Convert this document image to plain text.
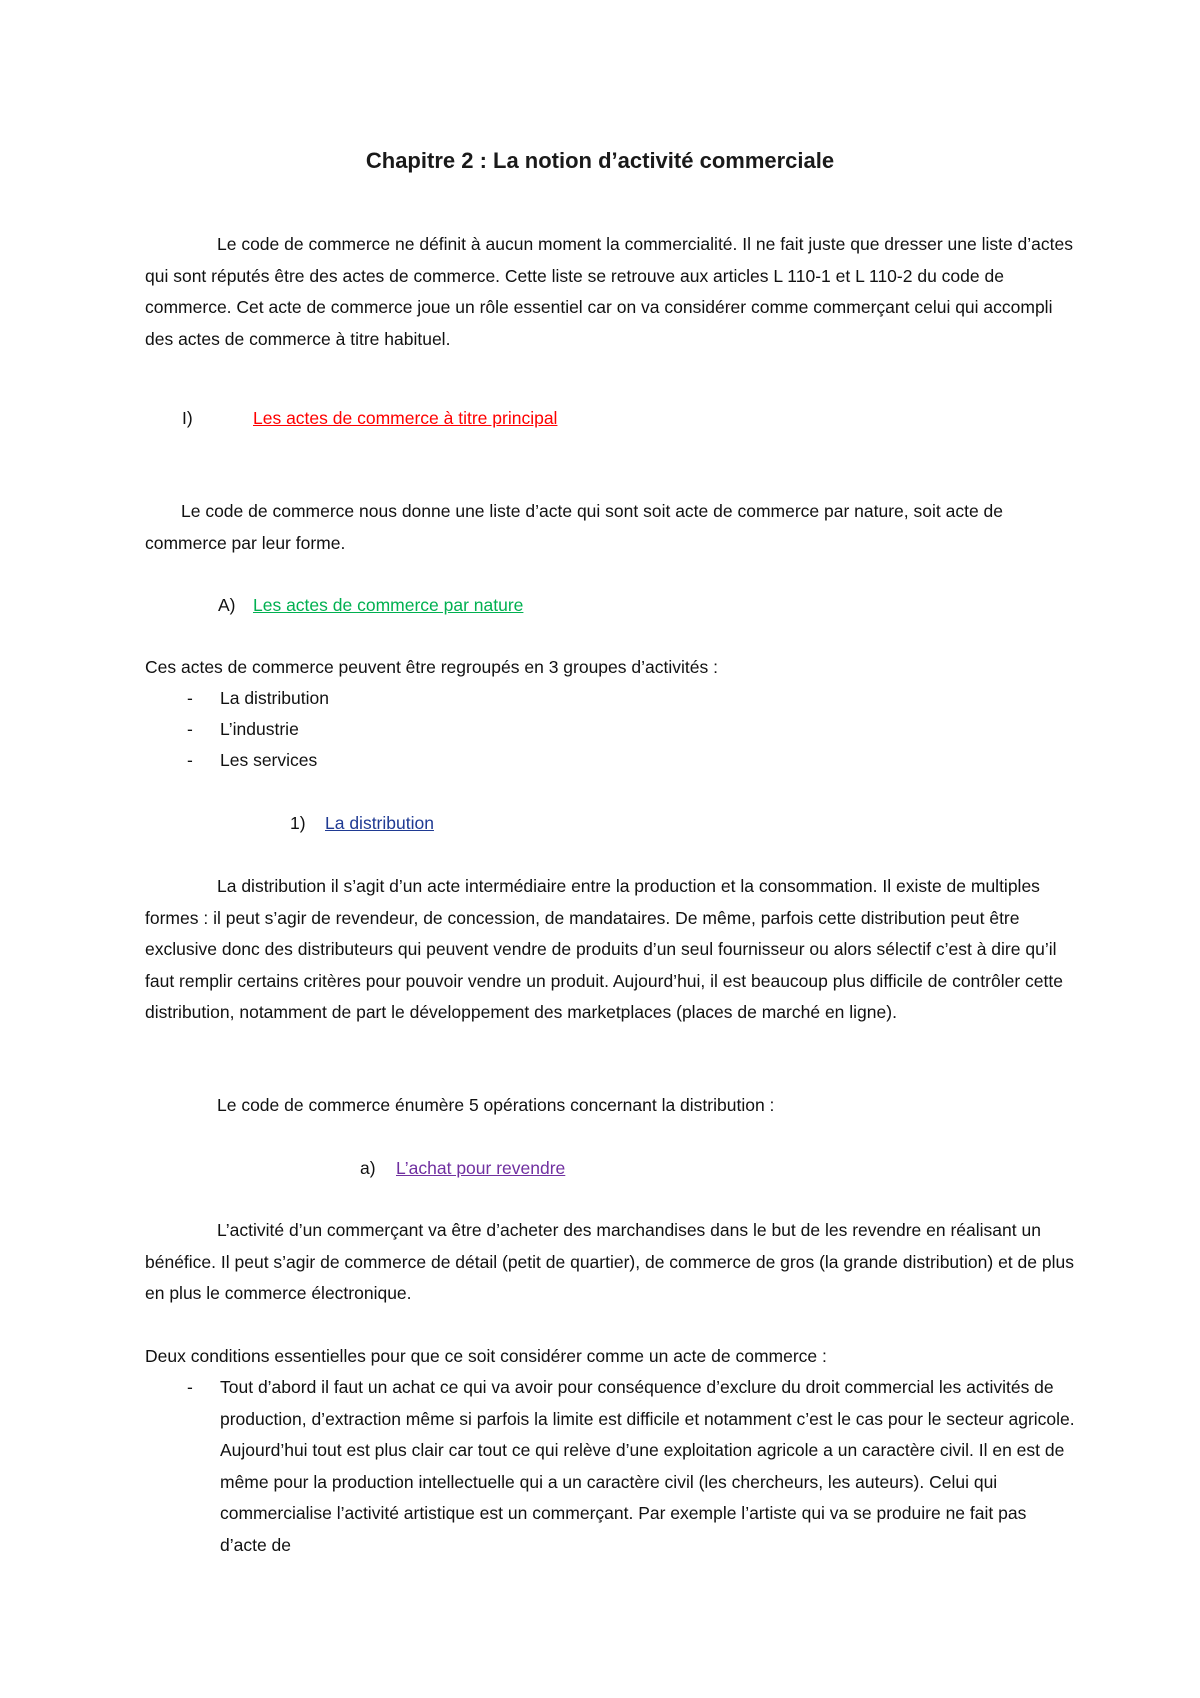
Chapitre 2 : La notion d’activité commerciale

Le code de commerce ne définit à aucun moment la commercialité. Il ne fait juste que dresser une liste d’actes qui sont réputés être des actes de commerce. Cette liste se retrouve aux articles L 110-1 et L 110-2 du code de commerce. Cet acte de commerce joue un rôle essentiel car on va considérer comme commerçant celui qui accompli des actes de commerce à titre habituel.

I)	Les actes de commerce à titre principal

Le code de commerce nous donne une liste d’acte qui sont soit acte de commerce par nature, soit acte de commerce par leur forme.

A) Les actes de commerce par nature
Ces actes de commerce peuvent être regroupés en 3 groupes d’activités :
- La distribution
- L’industrie
- Les services
1) La distribution

La distribution il s’agit d’un acte intermédiaire entre la production et la consommation. Il existe de multiples formes : il peut s’agir de revendeur, de concession, de mandataires. De même, parfois cette distribution peut être exclusive donc des distributeurs qui peuvent vendre de produits d’un seul fournisseur ou alors sélectif c’est à dire qu’il faut remplir certains critères pour pouvoir vendre un produit. Aujourd’hui, il est beaucoup plus difficile de contrôler cette distribution, notamment de part le développement des marketplaces (places de marché en ligne).

Le code de commerce énumère 5 opérations concernant la distribution :
a) L’achat pour revendre

L’activité d’un commerçant va être d’acheter des marchandises dans le but de les revendre en réalisant un bénéfice. Il peut s’agir de commerce de détail (petit de quartier), de commerce de gros (la grande distribution) et de plus en plus le commerce électronique.

Deux conditions essentielles pour que ce soit considérer comme un acte de commerce :
- Tout d’abord il faut un achat ce qui va avoir pour conséquence d’exclure du droit commercial les activités de production, d’extraction même si parfois la limite est difficile et notamment c’est le cas pour le secteur agricole. Aujourd’hui tout est plus clair car tout ce qui relève d’une exploitation agricole a un caractère civil. Il en est de même pour la production intellectuelle qui a un caractère civil (les chercheurs, les auteurs). Celui qui commercialise l’activité artistique est un commerçant. Par exemple l’artiste qui va se produire ne fait pas d’acte de
